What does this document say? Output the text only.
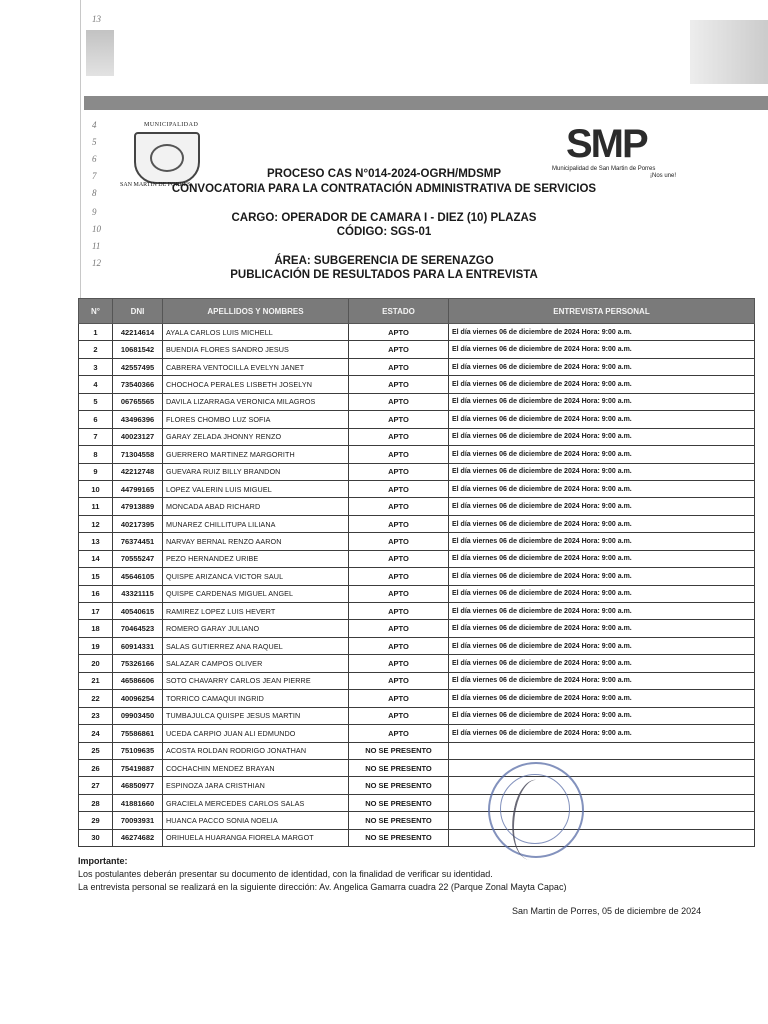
13
4
5
6
7
8
9
10
11
12
MUNICIPALIDAD
SAN MARTIN DE PORRES
SMP
Municipalidad de San Martin de Porres
¡Nos une!
PROCESO CAS N°014-2024-OGRH/MDSMP
CONVOCATORIA PARA LA CONTRATACIÓN ADMINISTRATIVA DE SERVICIOS
CARGO: OPERADOR DE CAMARA I - DIEZ (10) PLAZAS
CÓDIGO: SGS-01
ÁREA: SUBGERENCIA DE SERENAZGO
PUBLICACIÓN DE RESULTADOS PARA LA ENTREVISTA
N°	DNI	APELLIDOS Y NOMBRES	ESTADO	ENTREVISTA PERSONAL
1	42214614	AYALA CARLOS LUIS MICHELL	APTO	El día viernes 06 de diciembre de 2024 Hora: 9:00 a.m.
2	10681542	BUENDIA FLORES SANDRO JESUS	APTO	El día viernes 06 de diciembre de 2024 Hora: 9:00 a.m.
3	42557495	CABRERA VENTOCILLA EVELYN JANET	APTO	El día viernes 06 de diciembre de 2024 Hora: 9:00 a.m.
4	73540366	CHOCHOCA PERALES LISBETH JOSELYN	APTO	El día viernes 06 de diciembre de 2024 Hora: 9:00 a.m.
5	06765565	DAVILA LIZARRAGA VERONICA MILAGROS	APTO	El día viernes 06 de diciembre de 2024 Hora: 9:00 a.m.
6	43496396	FLORES CHOMBO LUZ SOFIA	APTO	El día viernes 06 de diciembre de 2024 Hora: 9:00 a.m.
7	40023127	GARAY ZELADA JHONNY RENZO	APTO	El día viernes 06 de diciembre de 2024 Hora: 9:00 a.m.
8	71304558	GUERRERO MARTINEZ MARGORITH	APTO	El día viernes 06 de diciembre de 2024 Hora: 9:00 a.m.
9	42212748	GUEVARA RUIZ BILLY BRANDON	APTO	El día viernes 06 de diciembre de 2024 Hora: 9:00 a.m.
10	44799165	LOPEZ VALERIN LUIS MIGUEL	APTO	El día viernes 06 de diciembre de 2024 Hora: 9:00 a.m.
11	47913889	MONCADA ABAD RICHARD	APTO	El día viernes 06 de diciembre de 2024 Hora: 9:00 a.m.
12	40217395	MUNAREZ CHILLITUPA LILIANA	APTO	El día viernes 06 de diciembre de 2024 Hora: 9:00 a.m.
13	76374451	NARVAY BERNAL RENZO AARON	APTO	El día viernes 06 de diciembre de 2024 Hora: 9:00 a.m.
14	70555247	PEZO HERNANDEZ URIBE	APTO	El día viernes 06 de diciembre de 2024 Hora: 9:00 a.m.
15	45646105	QUISPE ARIZANCA VICTOR SAUL	APTO	El día viernes 06 de diciembre de 2024 Hora: 9:00 a.m.
16	43321115	QUISPE CARDENAS MIGUEL ANGEL	APTO	El día viernes 06 de diciembre de 2024 Hora: 9:00 a.m.
17	40540615	RAMIREZ LOPEZ LUIS HEVERT	APTO	El día viernes 06 de diciembre de 2024 Hora: 9:00 a.m.
18	70464523	ROMERO GARAY JULIANO	APTO	El día viernes 06 de diciembre de 2024 Hora: 9:00 a.m.
19	60914331	SALAS GUTIERREZ ANA RAQUEL	APTO	El día viernes 06 de diciembre de 2024 Hora: 9:00 a.m.
20	75326166	SALAZAR CAMPOS OLIVER	APTO	El día viernes 06 de diciembre de 2024 Hora: 9:00 a.m.
21	46586606	SOTO CHAVARRY CARLOS JEAN PIERRE	APTO	El día viernes 06 de diciembre de 2024 Hora: 9:00 a.m.
22	40096254	TORRICO CAMAQUI INGRID	APTO	El día viernes 06 de diciembre de 2024 Hora: 9:00 a.m.
23	09903450	TUMBAJULCA QUISPE JESUS MARTIN	APTO	El día viernes 06 de diciembre de 2024 Hora: 9:00 a.m.
24	75586861	UCEDA CARPIO JUAN ALI EDMUNDO	APTO	El día viernes 06 de diciembre de 2024 Hora: 9:00 a.m.
25	75109635	ACOSTA ROLDAN RODRIGO JONATHAN	NO SE PRESENTO	
26	75419887	COCHACHIN MENDEZ BRAYAN	NO SE PRESENTO	
27	46850977	ESPINOZA JARA CRISTHIAN	NO SE PRESENTO	
28	41881660	GRACIELA MERCEDES CARLOS SALAS	NO SE PRESENTO	
29	70093931	HUANCA PACCO SONIA NOELIA	NO SE PRESENTO	
30	46274682	ORIHUELA HUARANGA FIORELA MARGOT	NO SE PRESENTO	
Importante:
Los postulantes deberán presentar su documento de identidad, con la finalidad de verificar su identidad.
La entrevista personal se realizará en la siguiente dirección: Av. Angelica Gamarra cuadra 22 (Parque Zonal Mayta Capac)
San Martin de Porres, 05 de diciembre de 2024
